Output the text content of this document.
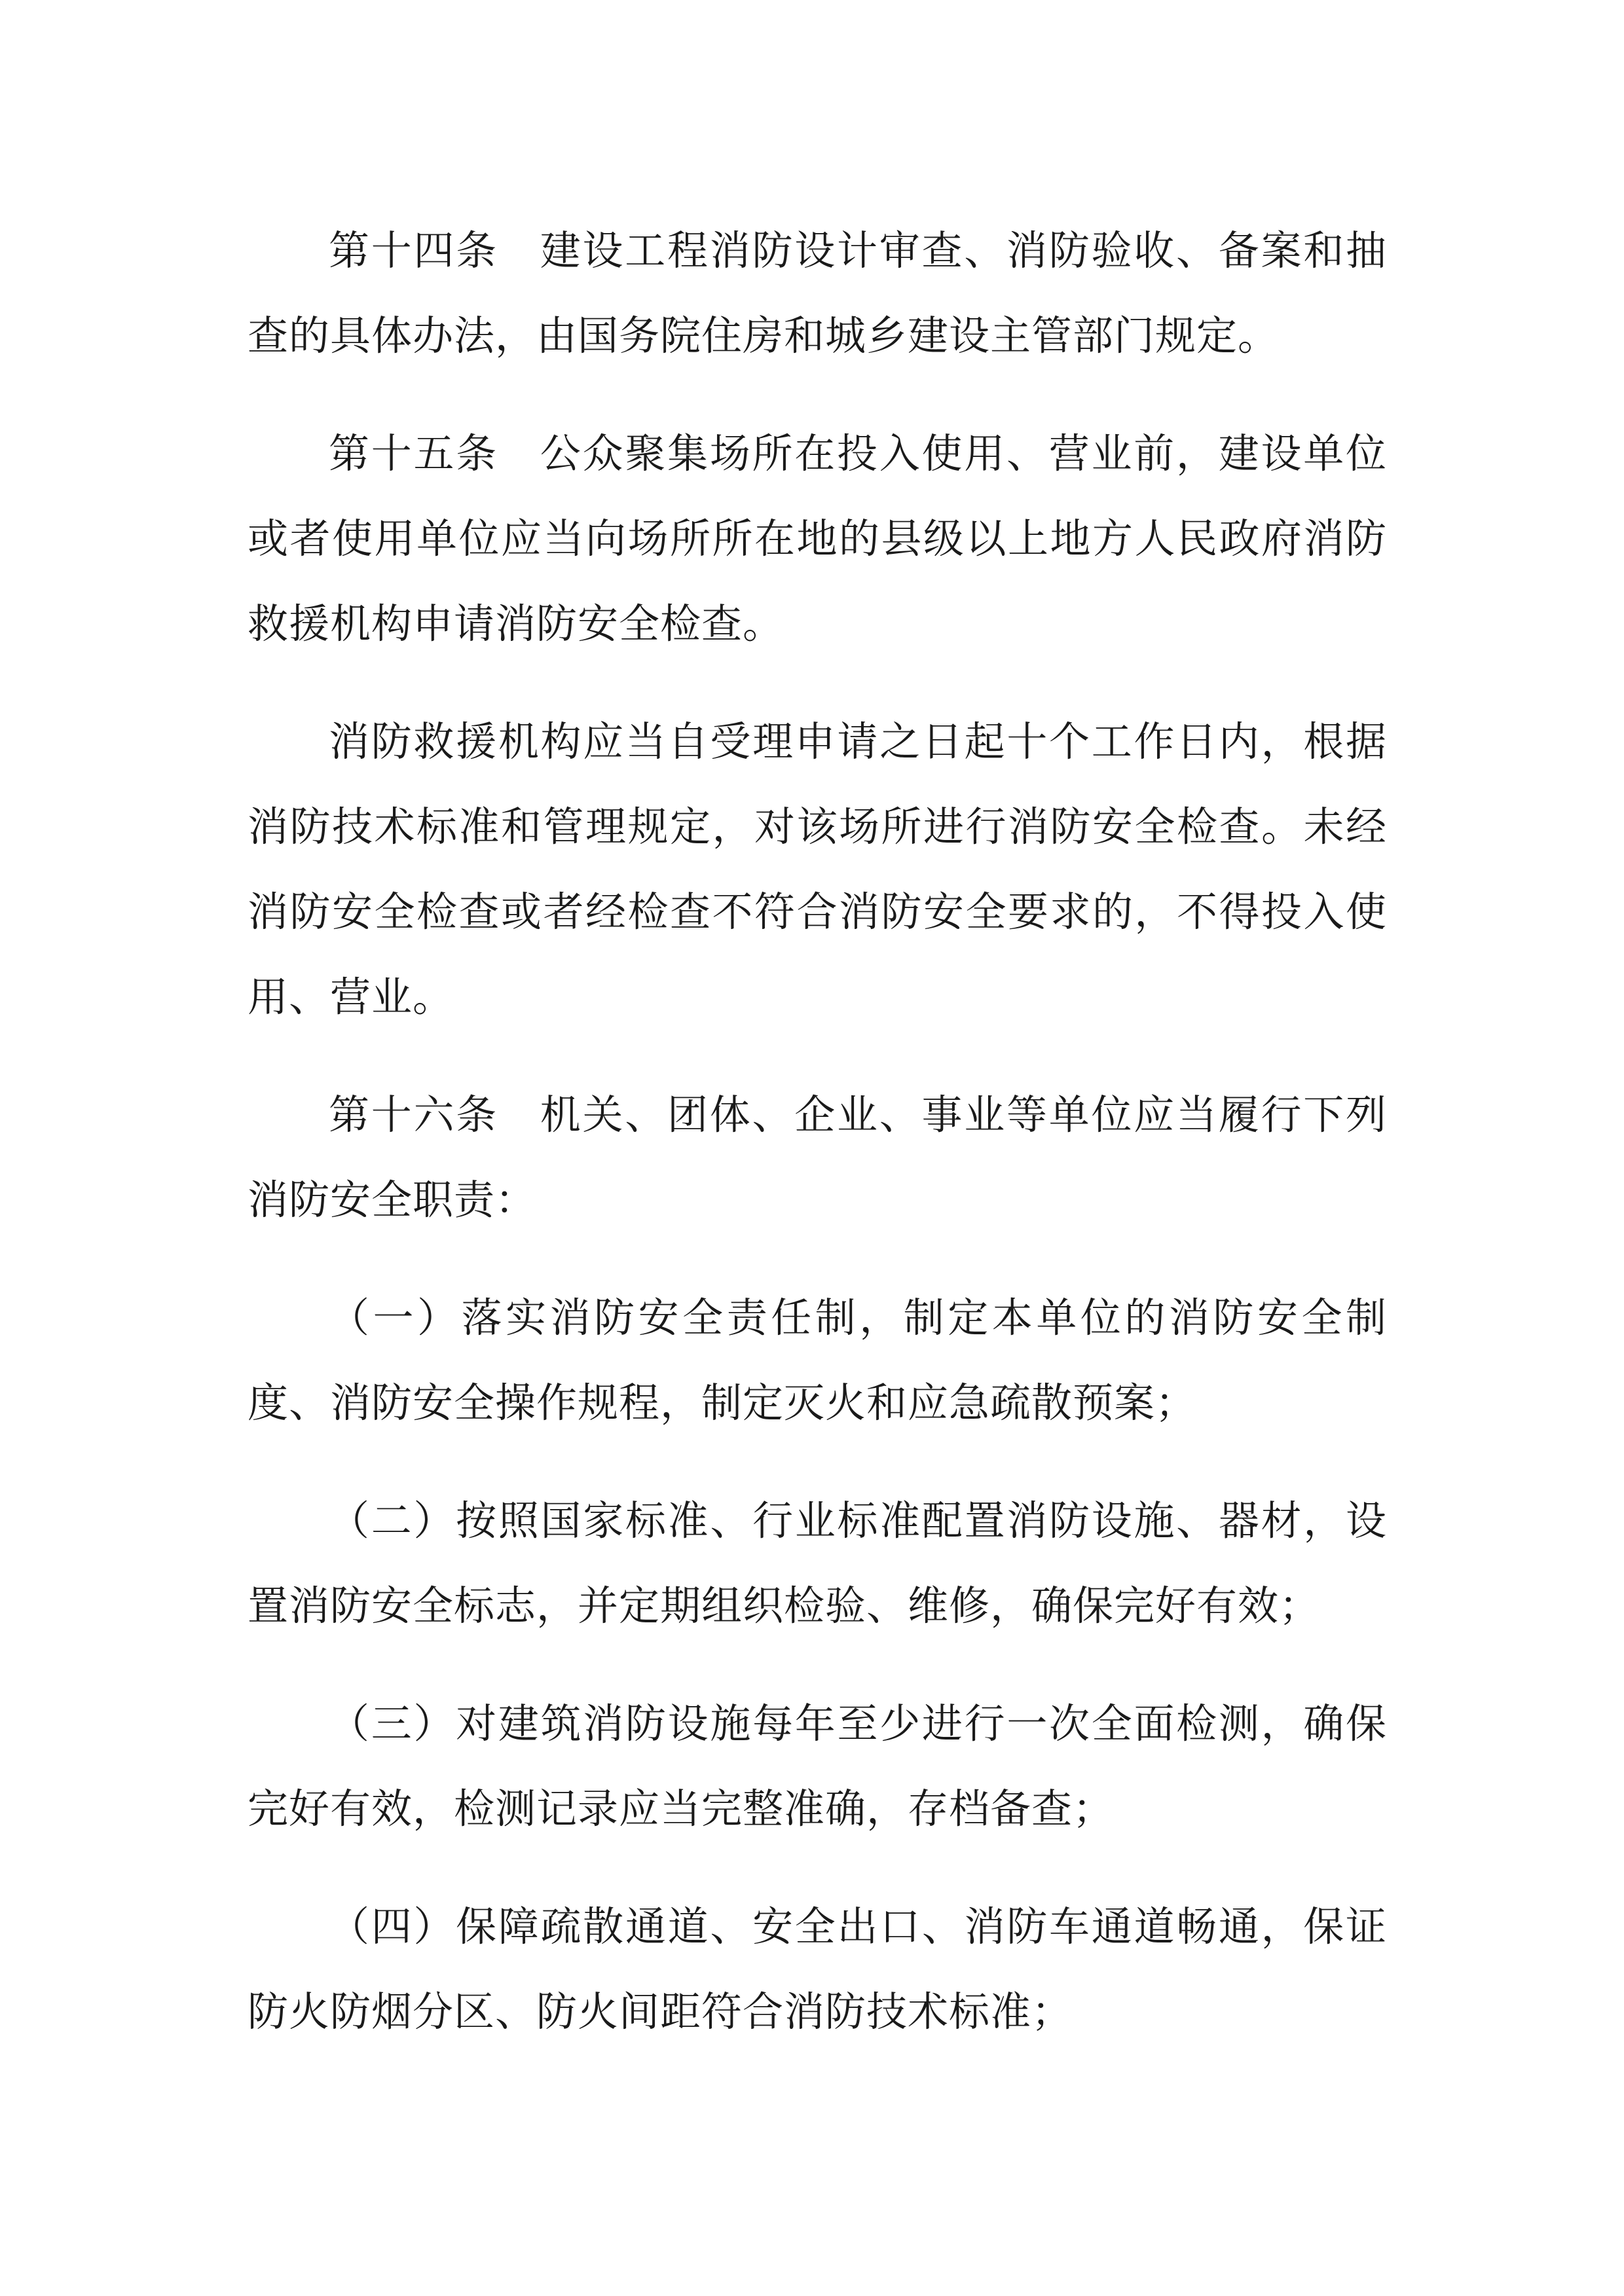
第十四条 建设工程消防设计审查、消防验收、备案和抽查的具体办法，由国务院住房和城乡建设主管部门规定。

第十五条 公众聚集场所在投入使用、营业前，建设单位或者使用单位应当向场所所在地的县级以上地方人民政府消防救援机构申请消防安全检查。

消防救援机构应当自受理申请之日起十个工作日内，根据消防技术标准和管理规定，对该场所进行消防安全检查。未经消防安全检查或者经检查不符合消防安全要求的，不得投入使用、营业。

第十六条 机关、团体、企业、事业等单位应当履行下列消防安全职责：

（一）落实消防安全责任制，制定本单位的消防安全制度、消防安全操作规程，制定灭火和应急疏散预案；

（二）按照国家标准、行业标准配置消防设施、器材，设置消防安全标志，并定期组织检验、维修，确保完好有效；

（三）对建筑消防设施每年至少进行一次全面检测，确保完好有效，检测记录应当完整准确，存档备查；

（四）保障疏散通道、安全出口、消防车通道畅通，保证防火防烟分区、防火间距符合消防技术标准；
